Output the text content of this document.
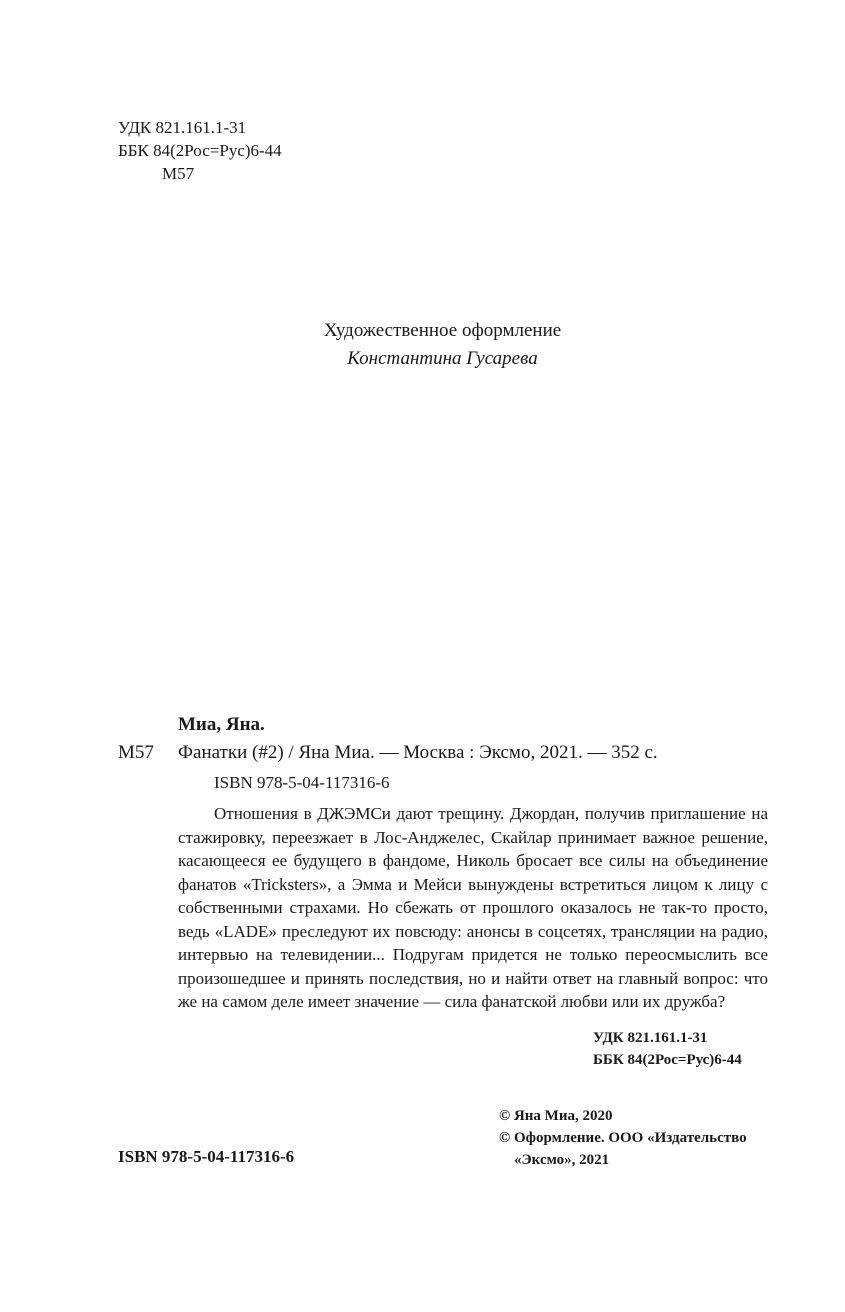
УДК 821.161.1-31
ББК 84(2Рос=Рус)6-44
М57
Художественное оформление
Константина Гусарева
Миа, Яна.
М57 Фанатки (#2) / Яна Миа. — Москва : Эксмо, 2021. — 352 с.
ISBN 978-5-04-117316-6
Отношения в ДЖЭМСи дают трещину. Джордан, получив приглашение на стажировку, переезжает в Лос-Анджелес, Скайлар принимает важное решение, касающееся ее будущего в фандоме, Николь бросает все силы на объединение фанатов «Tricksters», а Эмма и Мейси вынуждены встретиться лицом к лицу с собственными страхами. Но сбежать от прошлого оказалось не так-то просто, ведь «LADE» преследуют их повсюду: анонсы в соцсетях, трансляции на радио, интервью на телевидении... Подругам придется не только переосмыслить все произошедшее и принять последствия, но и найти ответ на главный вопрос: что же на самом деле имеет значение — сила фанатской любви или их дружба?
УДК 821.161.1-31
ББК 84(2Рос=Рус)6-44
© Яна Миа, 2020
© Оформление. ООО «Издательство
«Эксмо», 2021
ISBN 978-5-04-117316-6
